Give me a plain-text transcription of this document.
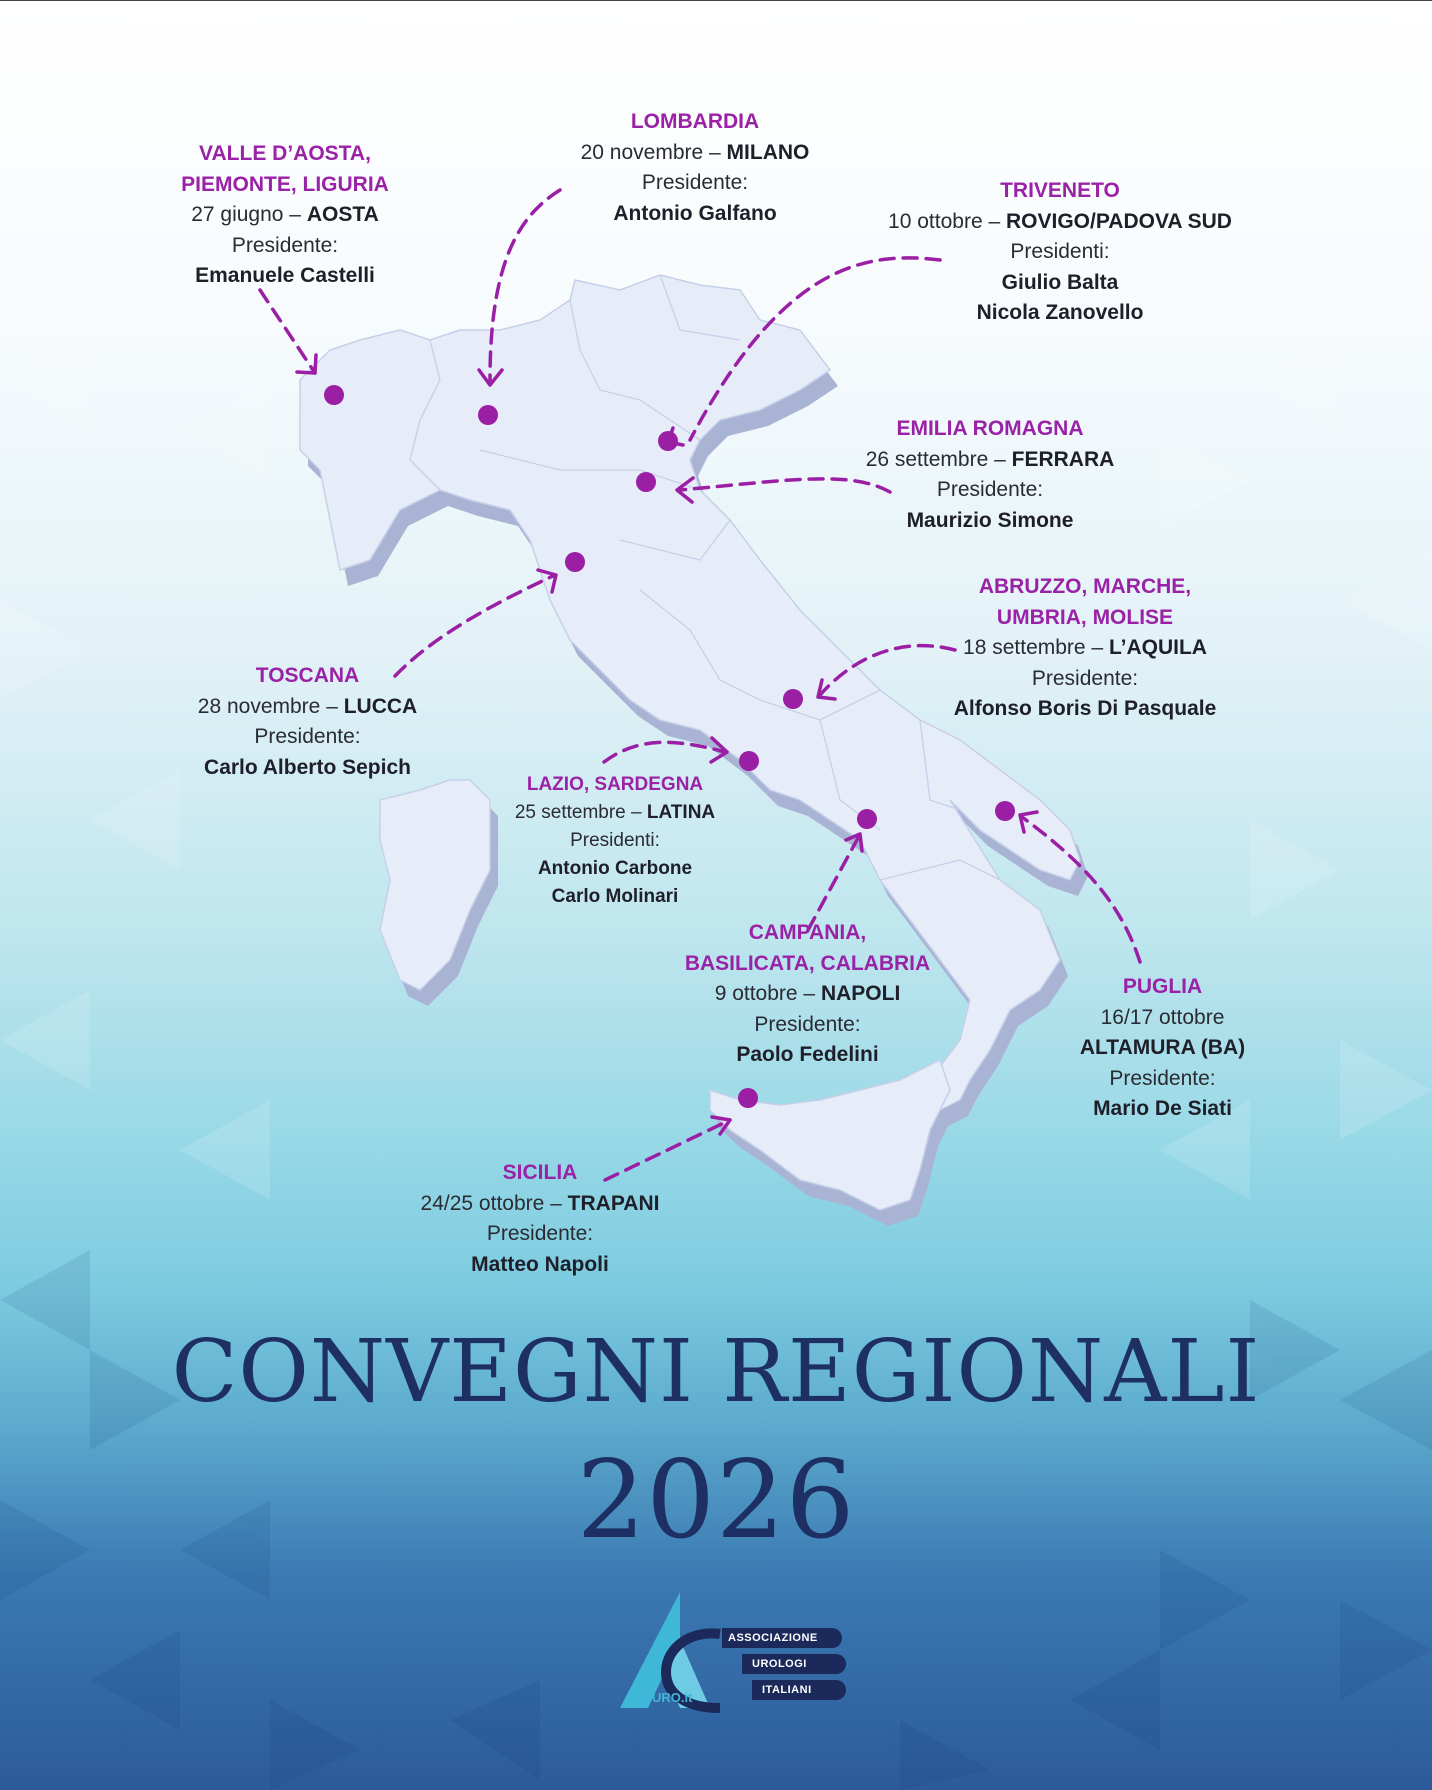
VALLE D’AOSTA,
PIEMONTE, LIGURIA
27 giugno – AOSTA
Presidente:
Emanuele Castelli
LOMBARDIA
20 novembre – MILANO
Presidente:
Antonio Galfano
TRIVENETO
10 ottobre – ROVIGO/PADOVA SUD
Presidenti:
Giulio Balta
Nicola Zanovello
EMILIA ROMAGNA
26 settembre – FERRARA
Presidente:
Maurizio Simone
ABRUZZO, MARCHE,
UMBRIA, MOLISE
18 settembre – L’AQUILA
Presidente:
Alfonso Boris Di Pasquale
TOSCANA
28 novembre – LUCCA
Presidente:
Carlo Alberto Sepich
LAZIO, SARDEGNA
25 settembre – LATINA
Presidenti:
Antonio Carbone
Carlo Molinari
CAMPANIA,
BASILICATA, CALABRIA
9 ottobre – NAPOLI
Presidente:
Paolo Fedelini
PUGLIA
16/17 ottobre
ALTAMURA (BA)
Presidente:
Mario De Siati
SICILIA
24/25 ottobre – TRAPANI
Presidente:
Matteo Napoli
CONVEGNI REGIONALI
2026
ASSOCIAZIONE
UROLOGI
ITALIANI
URO.it
